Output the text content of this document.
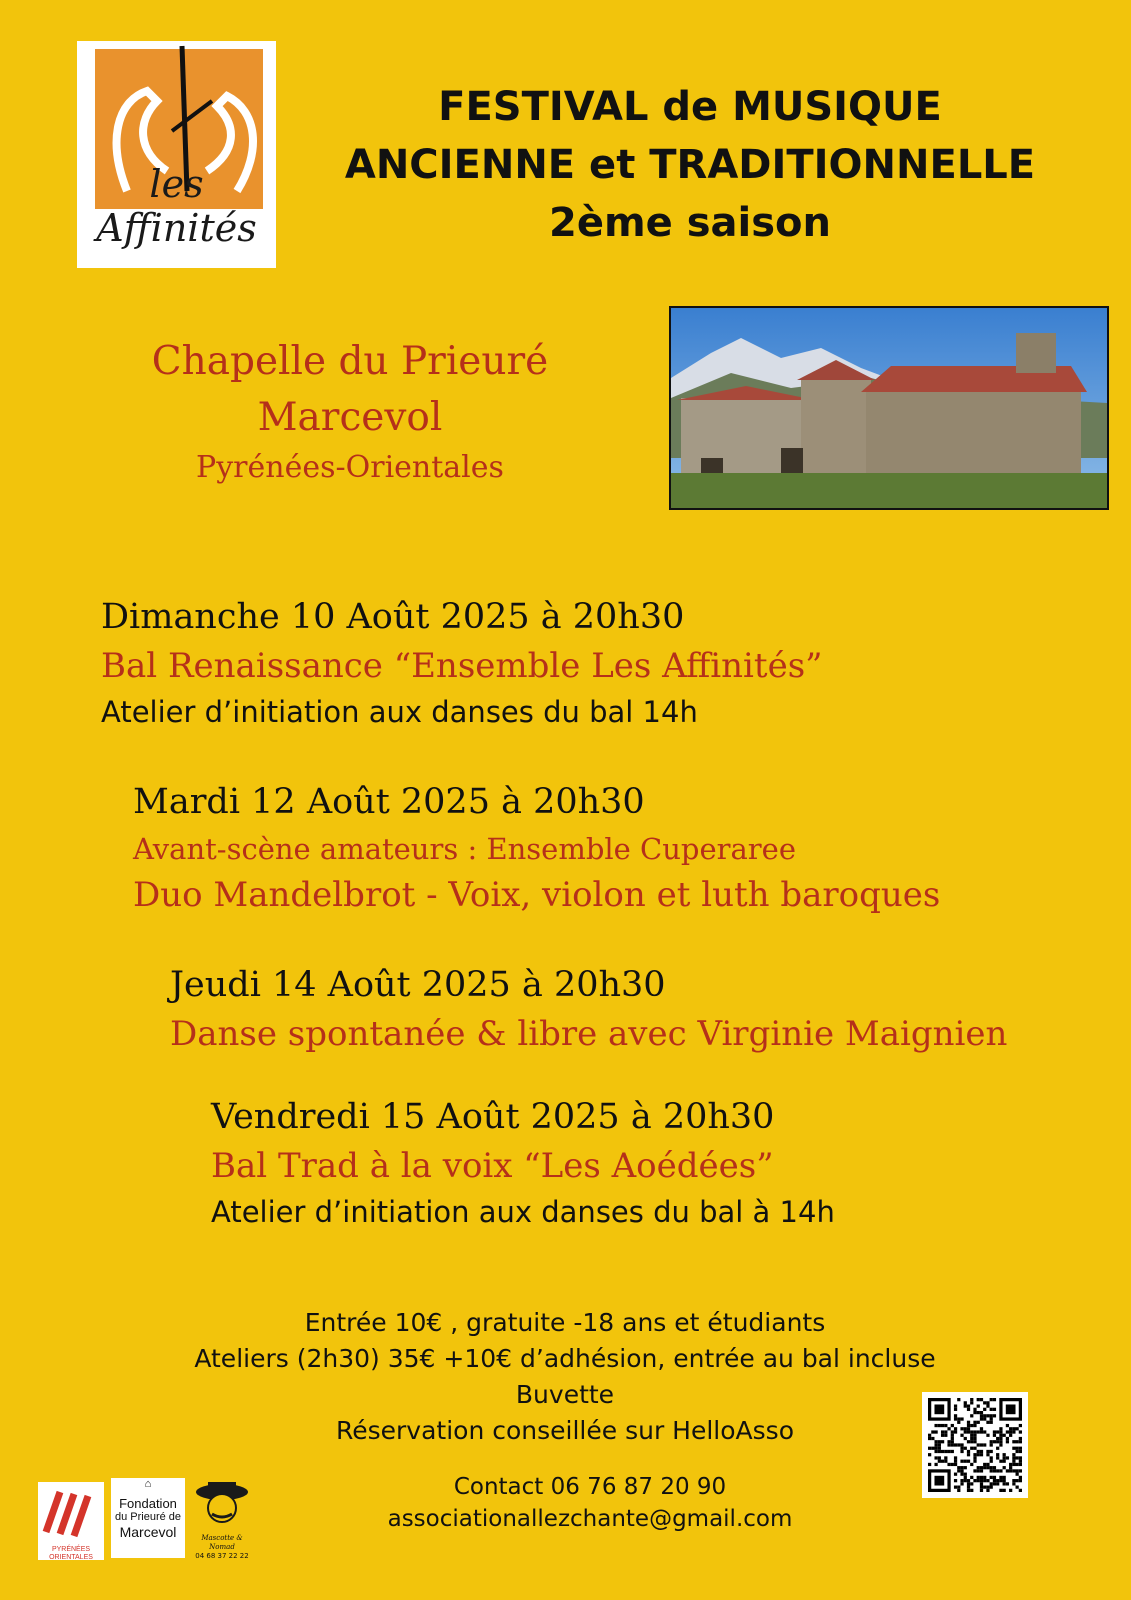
les Affinités
FESTIVAL de MUSIQUE
ANCIENNE et TRADITIONNELLE
2ème saison
Chapelle du Prieuré
Marcevol
Pyrénées-Orientales
Dimanche 10 Août 2025 à 20h30
Bal Renaissance “Ensemble Les Affinités”
Atelier d’initiation aux danses du bal 14h
Mardi 12 Août 2025 à 20h30
Avant-scène amateurs : Ensemble Cuperaree
Duo Mandelbrot - Voix, violon et luth baroques
Jeudi 14 Août 2025 à 20h30
Danse spontanée & libre avec Virginie Maignien
Vendredi 15 Août 2025 à 20h30
Bal Trad à la voix “Les Aoédées”
Atelier d’initiation aux danses du bal à 14h
Entrée 10€ , gratuite -18 ans et étudiants
Ateliers (2h30) 35€ +10€ d’adhésion, entrée au bal incluse
Buvette
Réservation conseillée sur HelloAsso
Contact 06 76 87 20 90
associationallezchante@gmail.com
PYRÉNÉES ORIENTALES
⌂
Fondation
du Prieuré de
Marcevol	Mascotte & Nomad
04 68 37 22 22
